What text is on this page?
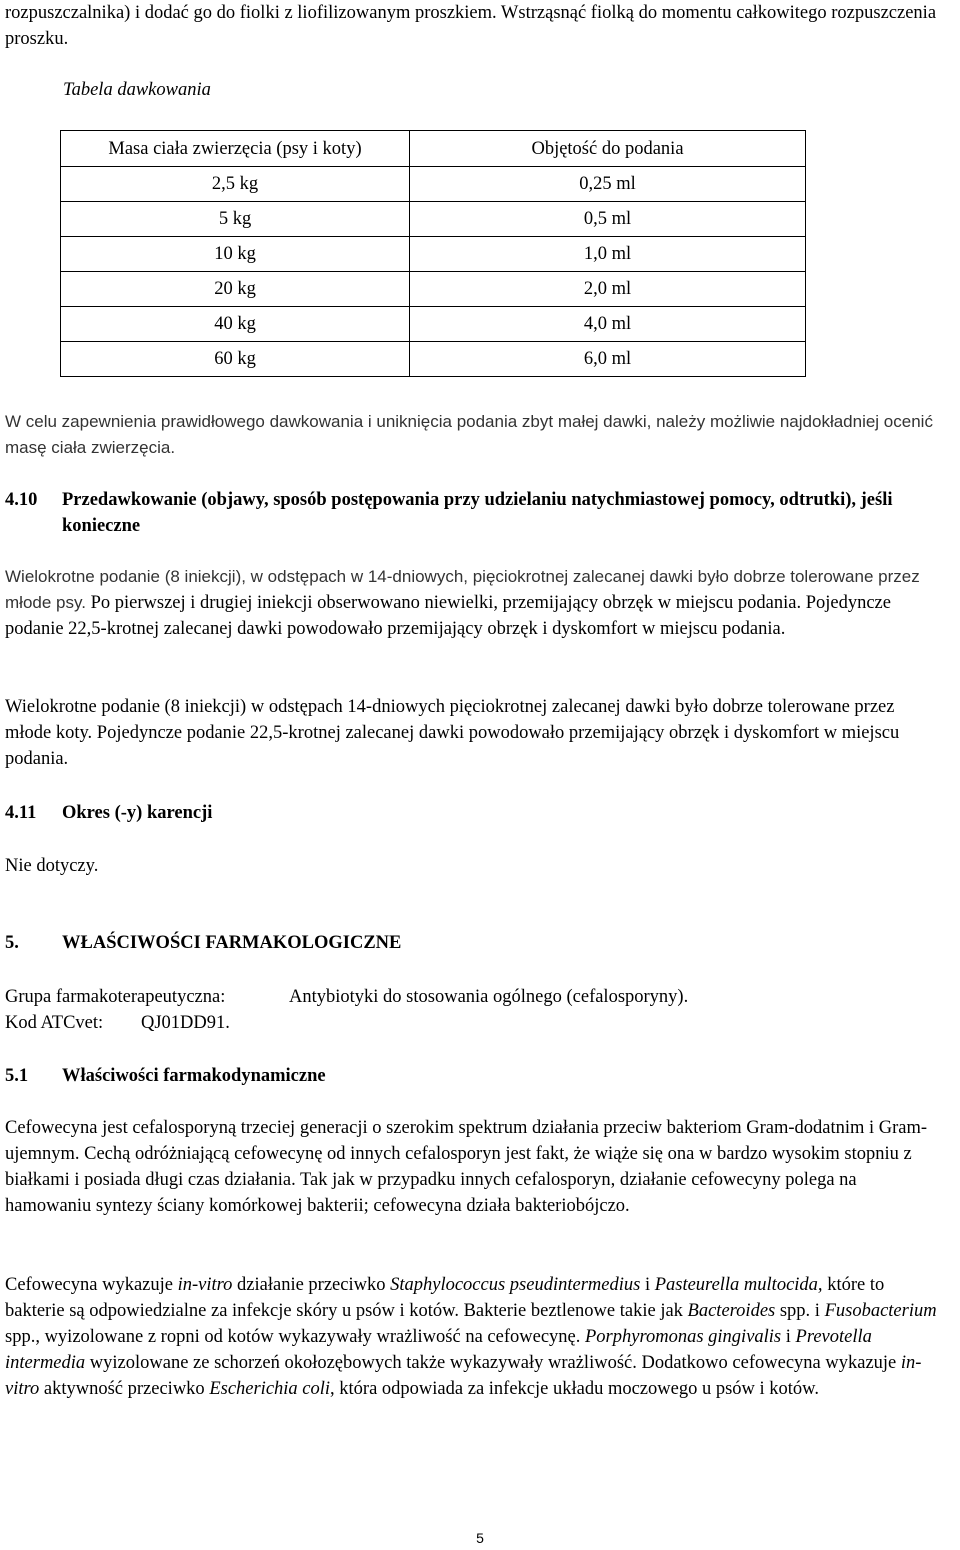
rozpuszczalnika) i dodać go do fiolki z liofilizowanym proszkiem. Wstrząsnąć fiolką do momentu całkowitego rozpuszczenia proszku.

Tabela dawkowania

Masa ciała zwierzęcia (psy i koty)	Objętość do podania
2,5 kg	0,25 ml
5 kg	0,5 ml
10 kg	1,0 ml
20 kg	2,0 ml
40 kg	4,0 ml
60 kg	6,0 ml

W celu zapewnienia prawidłowego dawkowania i uniknięcia podania zbyt małej dawki, należy możliwie najdokładniej ocenić masę ciała zwierzęcia.

4.10 Przedawkowanie (objawy, sposób postępowania przy udzielaniu natychmiastowej pomocy, odtrutki), jeśli konieczne

Wielokrotne podanie (8 iniekcji), w odstępach w 14-dniowych, pięciokrotnej zalecanej dawki było dobrze tolerowane przez młode psy. Po pierwszej i drugiej iniekcji obserwowano niewielki, przemijający obrzęk w miejscu podania. Pojedyncze podanie 22,5-krotnej zalecanej dawki powodowało przemijający obrzęk i dyskomfort w miejscu podania.

Wielokrotne podanie (8 iniekcji) w odstępach 14-dniowych pięciokrotnej zalecanej dawki było dobrze tolerowane przez młode koty. Pojedyncze podanie 22,5-krotnej zalecanej dawki powodowało przemijający obrzęk i dyskomfort w miejscu podania.

4.11 Okres (-y) karencji

Nie dotyczy.

5. WŁAŚCIWOŚCI FARMAKOLOGICZNE

Grupa farmakoterapeutyczna:	Antybiotyki do stosowania ogólnego (cefalosporyny).

Kod ATCvet: QJ01DD91.

5.1 Właściwości farmakodynamiczne

Cefowecyna jest cefalosporyną trzeciej generacji o szerokim spektrum działania przeciw bakteriom Gram-dodatnim i Gram-ujemnym. Cechą odróżniającą cefowecynę od innych cefalosporyn jest fakt, że wiąże się ona w bardzo wysokim stopniu z białkami i posiada długi czas działania. Tak jak w przypadku innych cefalosporyn, działanie cefowecyny polega na hamowaniu syntezy ściany komórkowej bakterii; cefowecyna działa bakteriobójczo.

Cefowecyna wykazuje in-vitro działanie przeciwko Staphylococcus pseudintermedius i Pasteurella multocida, które to bakterie są odpowiedzialne za infekcje skóry u psów i kotów. Bakterie beztlenowe takie jak Bacteroides spp. i Fusobacterium spp., wyizolowane z ropni od kotów wykazywały wrażliwość na cefowecynę. Porphyromonas gingivalis i Prevotella intermedia wyizolowane ze schorzeń okołozębowych także wykazywały wrażliwość. Dodatkowo cefowecyna wykazuje in-vitro aktywność przeciwko Escherichia coli, która odpowiada za infekcje układu moczowego u psów i kotów.

5
